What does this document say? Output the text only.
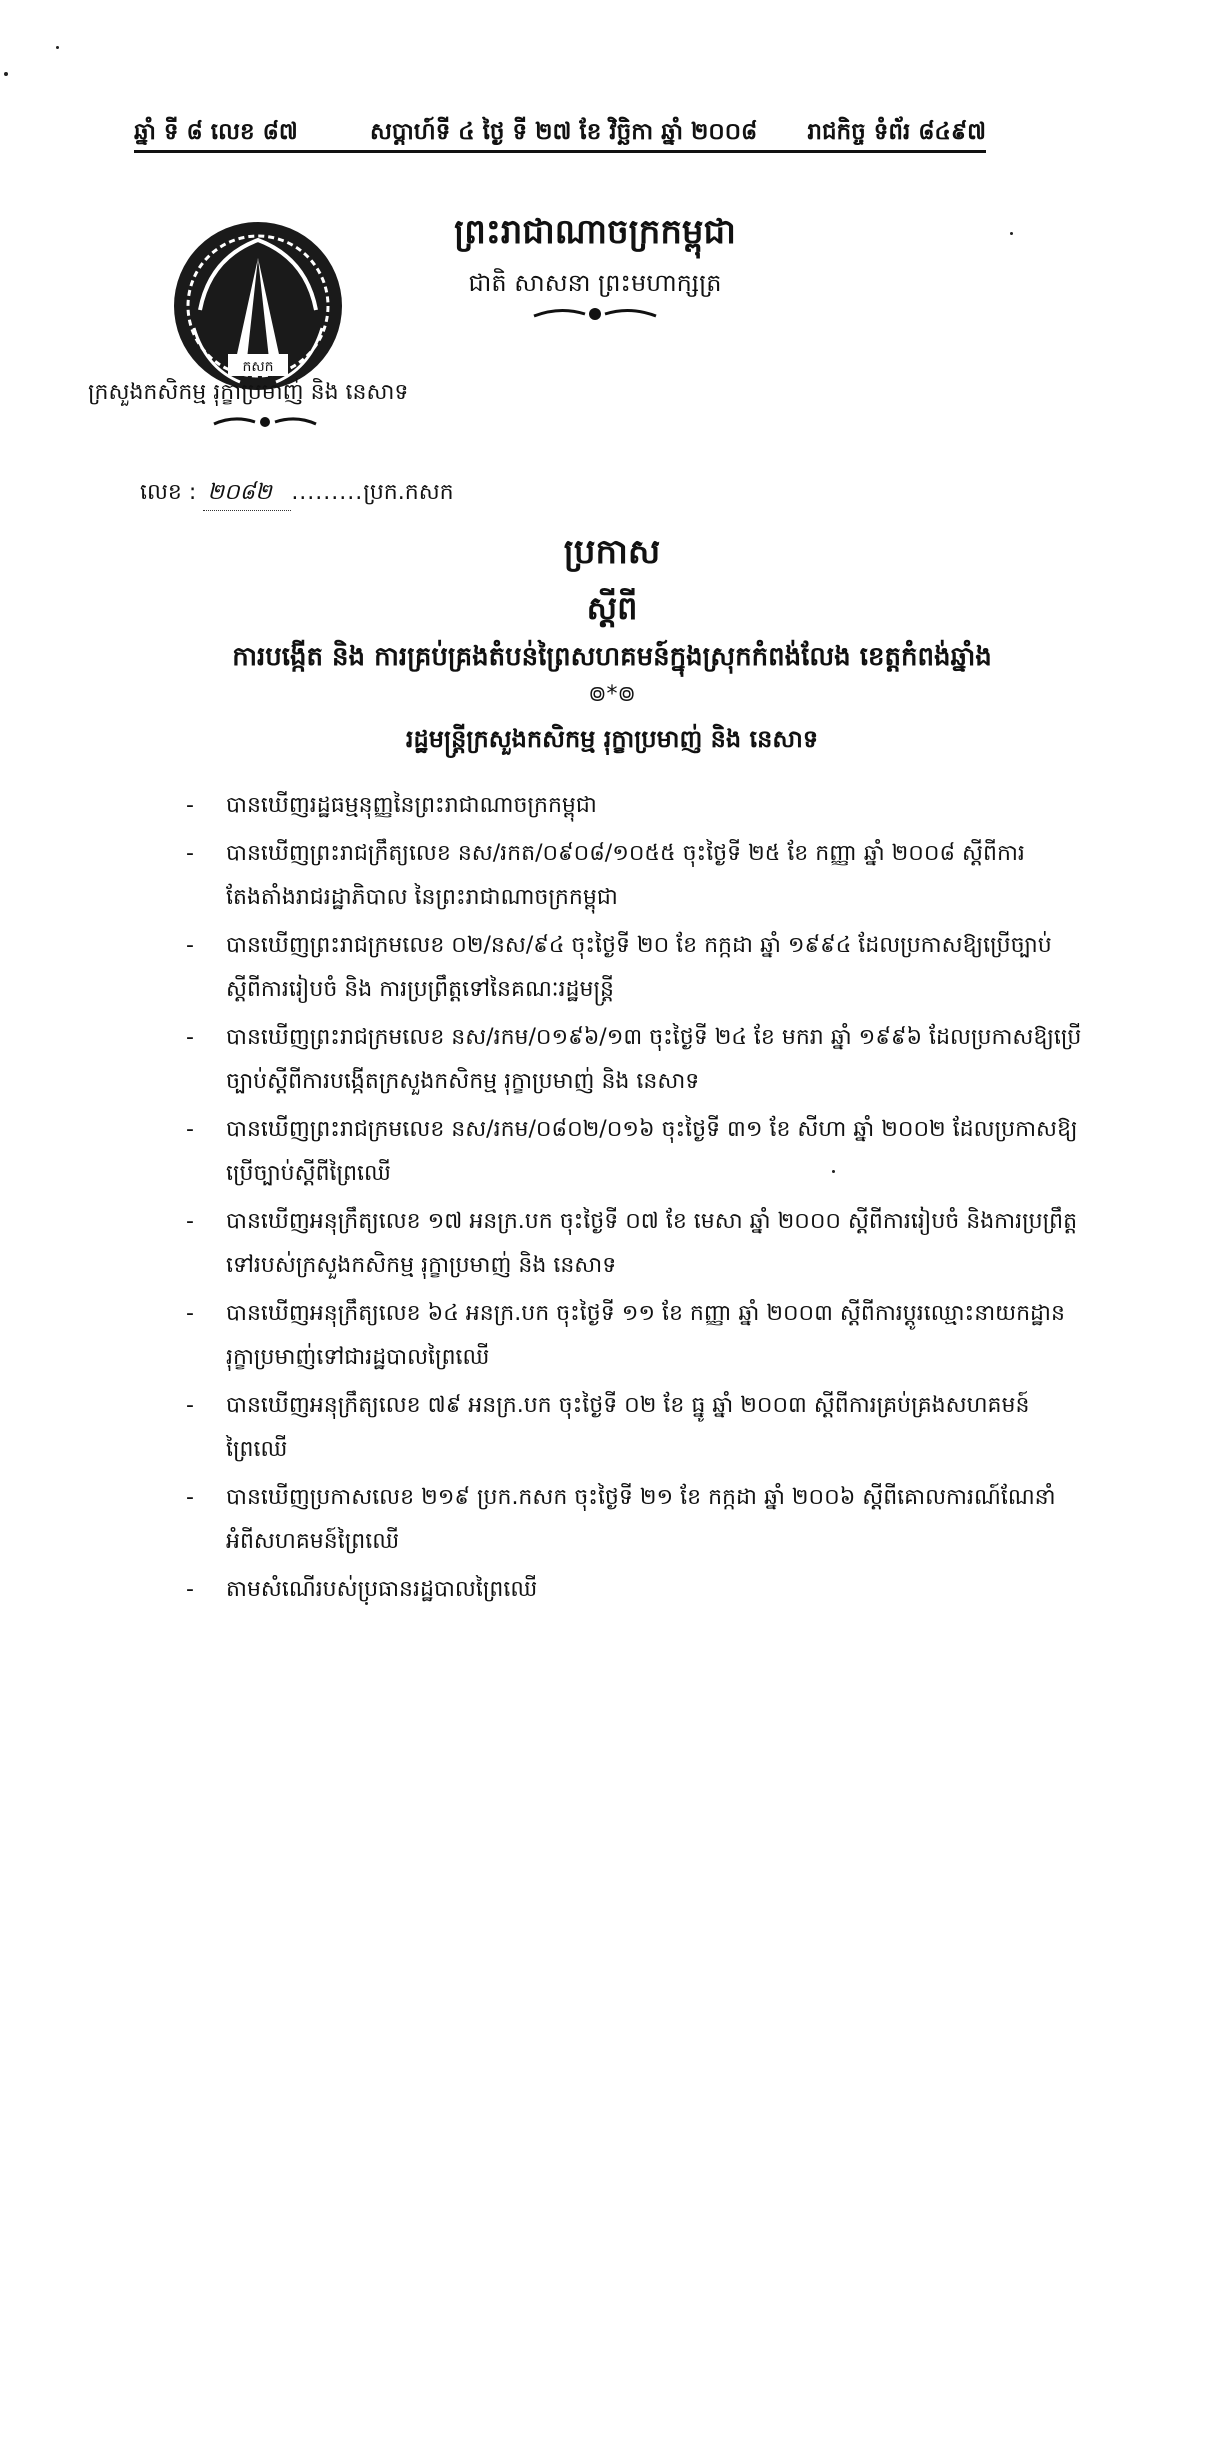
ឆ្នាំ ទី ៨ លេខ ៨៧	សប្តាហ៍ទី ៤ ថ្ងៃ ទី ២៧ ខែ វិច្ឆិកា ឆ្នាំ ២០០៨ រាជកិច្ច ទំព័រ ៨៤៩៧
កសក
ព្រះរាជាណាចក្រកម្ពុជា
ជាតិ សាសនា ព្រះមហាក្សត្រ
ក្រសួងកសិកម្ម រុក្ខាប្រមាញ់ និង នេសាទ
លេខ : ២០៨២ .........ប្រក.កសក
ប្រកាស
ស្តីពី
ការបង្កើត និង ការគ្រប់គ្រងតំបន់ព្រៃសហគមន៍ក្នុងស្រុកកំពង់លែង ខេត្តកំពង់ឆ្នាំង
៙*៙
រដ្ឋមន្ត្រីក្រសួងកសិកម្ម រុក្ខាប្រមាញ់ និង នេសាទ
- បានឃើញរដ្ឋធម្មនុញ្ញនៃព្រះរាជាណាចក្រកម្ពុជា
- បានឃើញព្រះរាជក្រឹត្យលេខ នស/រកត/០៩០៨/១០៥៥ ចុះថ្ងៃទី ២៥ ខែ កញ្ញា ឆ្នាំ ២០០៨ ស្តីពីការតែងតាំងរាជរដ្ឋាភិបាល នៃព្រះរាជាណាចក្រកម្ពុជា
- បានឃើញព្រះរាជក្រមលេខ ០២/នស/៩៤ ចុះថ្ងៃទី ២០ ខែ កក្កដា ឆ្នាំ ១៩៩៤ ដែលប្រកាសឱ្យប្រើច្បាប់ស្តីពីការរៀបចំ និង ការប្រព្រឹត្តទៅនៃគណៈរដ្ឋមន្ត្រី
- បានឃើញព្រះរាជក្រមលេខ នស/រកម/០១៩៦/១៣ ចុះថ្ងៃទី ២៤ ខែ មករា ឆ្នាំ ១៩៩៦ ដែលប្រកាសឱ្យប្រើច្បាប់ស្តីពីការបង្កើតក្រសួងកសិកម្ម រុក្ខាប្រមាញ់ និង នេសាទ
- បានឃើញព្រះរាជក្រមលេខ នស/រកម/០៨០២/០១៦ ចុះថ្ងៃទី ៣១ ខែ សីហា ឆ្នាំ ២០០២ ដែលប្រកាសឱ្យប្រើច្បាប់ស្តីពីព្រៃឈើ
- បានឃើញអនុក្រឹត្យលេខ ១៧ អនក្រ.បក ចុះថ្ងៃទី ០៧ ខែ មេសា ឆ្នាំ ២០០០ ស្តីពីការរៀបចំ និងការប្រព្រឹត្តទៅរបស់ក្រសួងកសិកម្ម រុក្ខាប្រមាញ់ និង នេសាទ
- បានឃើញអនុក្រឹត្យលេខ ៦៤ អនក្រ.បក ចុះថ្ងៃទី ១១ ខែ កញ្ញា ឆ្នាំ ២០០៣ ស្តីពីការប្តូរឈ្មោះនាយកដ្ឋានរុក្ខាប្រមាញ់ទៅជារដ្ឋបាលព្រៃឈើ
- បានឃើញអនុក្រឹត្យលេខ ៧៩ អនក្រ.បក ចុះថ្ងៃទី ០២ ខែ ធ្នូ ឆ្នាំ ២០០៣ ស្តីពីការគ្រប់គ្រងសហគមន៍ព្រៃឈើ
- បានឃើញប្រកាសលេខ ២១៩ ប្រក.កសក ចុះថ្ងៃទី ២១ ខែ កក្កដា ឆ្នាំ ២០០៦ ស្តីពីគោលការណ៍ណែនាំអំពីសហគមន៍ព្រៃឈើ
- តាមសំណើរបស់ប្រធានរដ្ឋបាលព្រៃឈើ
